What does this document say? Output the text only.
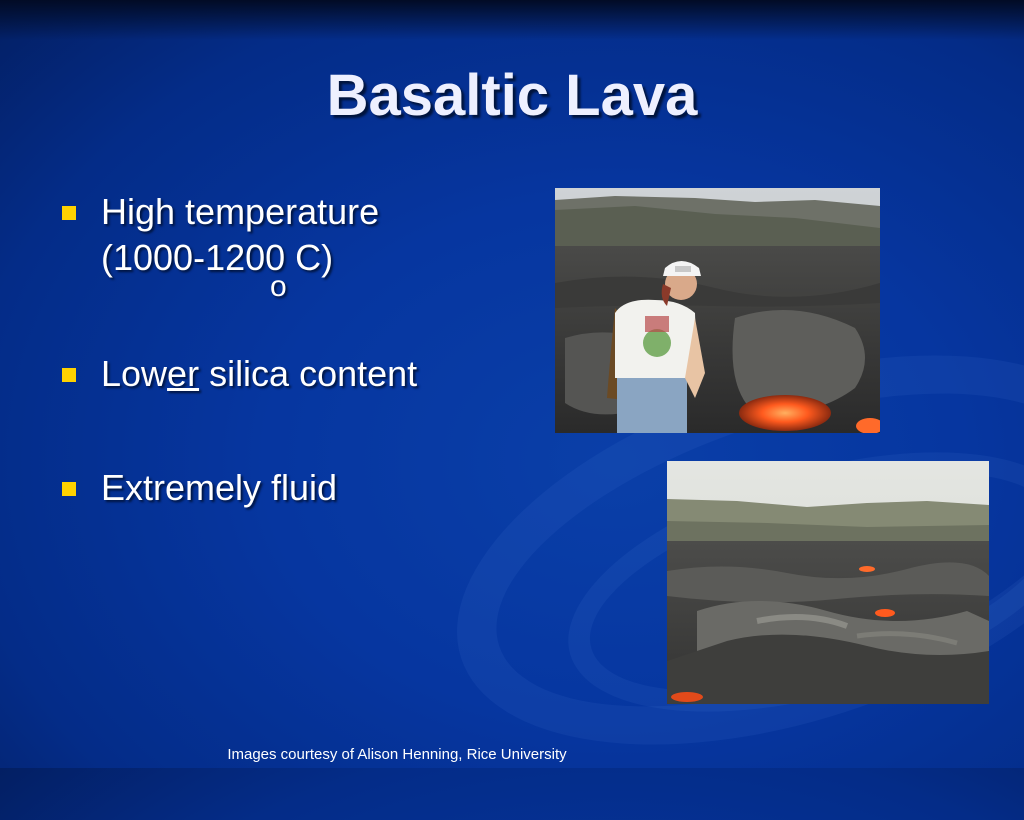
Basaltic Lava
High temperature
(1000-1200 C)
o
Lower silica content
Extremely fluid
Images courtesy of Alison Henning, Rice University
